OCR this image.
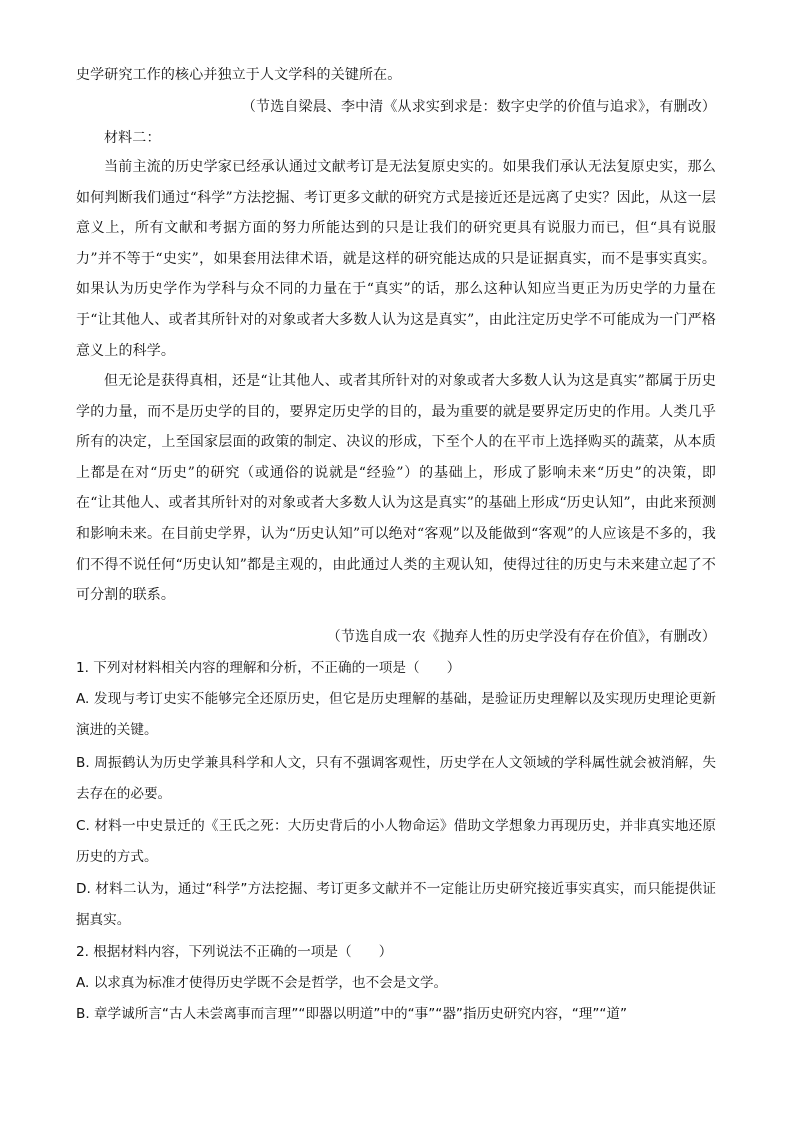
史学研究工作的核心并独立于人文学科的关键所在。

（节选自梁晨、李中清《从求实到求是：数字史学的价值与追求》，有删改）

材料二：

当前主流的历史学家已经承认通过文献考订是无法复原史实的。如果我们承认无法复原史实，那么如何判断我们通过“科学”方法挖掘、考订更多文献的研究方式是接近还是远离了史实？因此，从这一层意义上，所有文献和考据方面的努力所能达到的只是让我们的研究更具有说服力而已，但“具有说服力”并不等于“史实”，如果套用法律术语，就是这样的研究能达成的只是证据真实，而不是事实真实。如果认为历史学作为学科与众不同的力量在于“真实”的话，那么这种认知应当更正为历史学的力量在于“让其他人、或者其所针对的对象或者大多数人认为这是真实”，由此注定历史学不可能成为一门严格意义上的科学。

但无论是获得真相，还是“让其他人、或者其所针对的对象或者大多数人认为这是真实”都属于历史学的力量，而不是历史学的目的，要界定历史学的目的，最为重要的就是要界定历史的作用。人类几乎所有的决定，上至国家层面的政策的制定、决议的形成，下至个人的在平市上选择购买的蔬菜，从本质上都是在对“历史”的研究（或通俗的说就是“经验”）的基础上，形成了影响未来“历史”的决策，即在“让其他人、或者其所针对的对象或者大多数人认为这是真实”的基础上形成“历史认知”，由此来预测和影响未来。在目前史学界，认为“历史认知”可以绝对“客观”以及能做到“客观”的人应该是不多的，我们不得不说任何“历史认知”都是主观的，由此通过人类的主观认知，使得过往的历史与未来建立起了不可分割的联系。

（节选自成一农《抛弃人性的历史学没有存在价值》，有删改）

1. 下列对材料相关内容的理解和分析，不正确的一项是（　　）

A. 发现与考订史实不能够完全还原历史，但它是历史理解的基础，是验证历史理解以及实现历史理论更新演进的关键。

B. 周振鹤认为历史学兼具科学和人文，只有不强调客观性，历史学在人文领域的学科属性就会被消解，失去存在的必要。

C. 材料一中史景迁的《王氏之死：大历史背后的小人物命运》借助文学想象力再现历史，并非真实地还原历史的方式。

D. 材料二认为，通过“科学”方法挖掘、考订更多文献并不一定能让历史研究接近事实真实，而只能提供证据真实。

2. 根据材料内容，下列说法不正确的一项是（　　）

A. 以求真为标准才使得历史学既不会是哲学，也不会是文学。

B. 章学诚所言“古人未尝离事而言理”“即器以明道”中的“事”“器”指历史研究内容，“理”“道”
